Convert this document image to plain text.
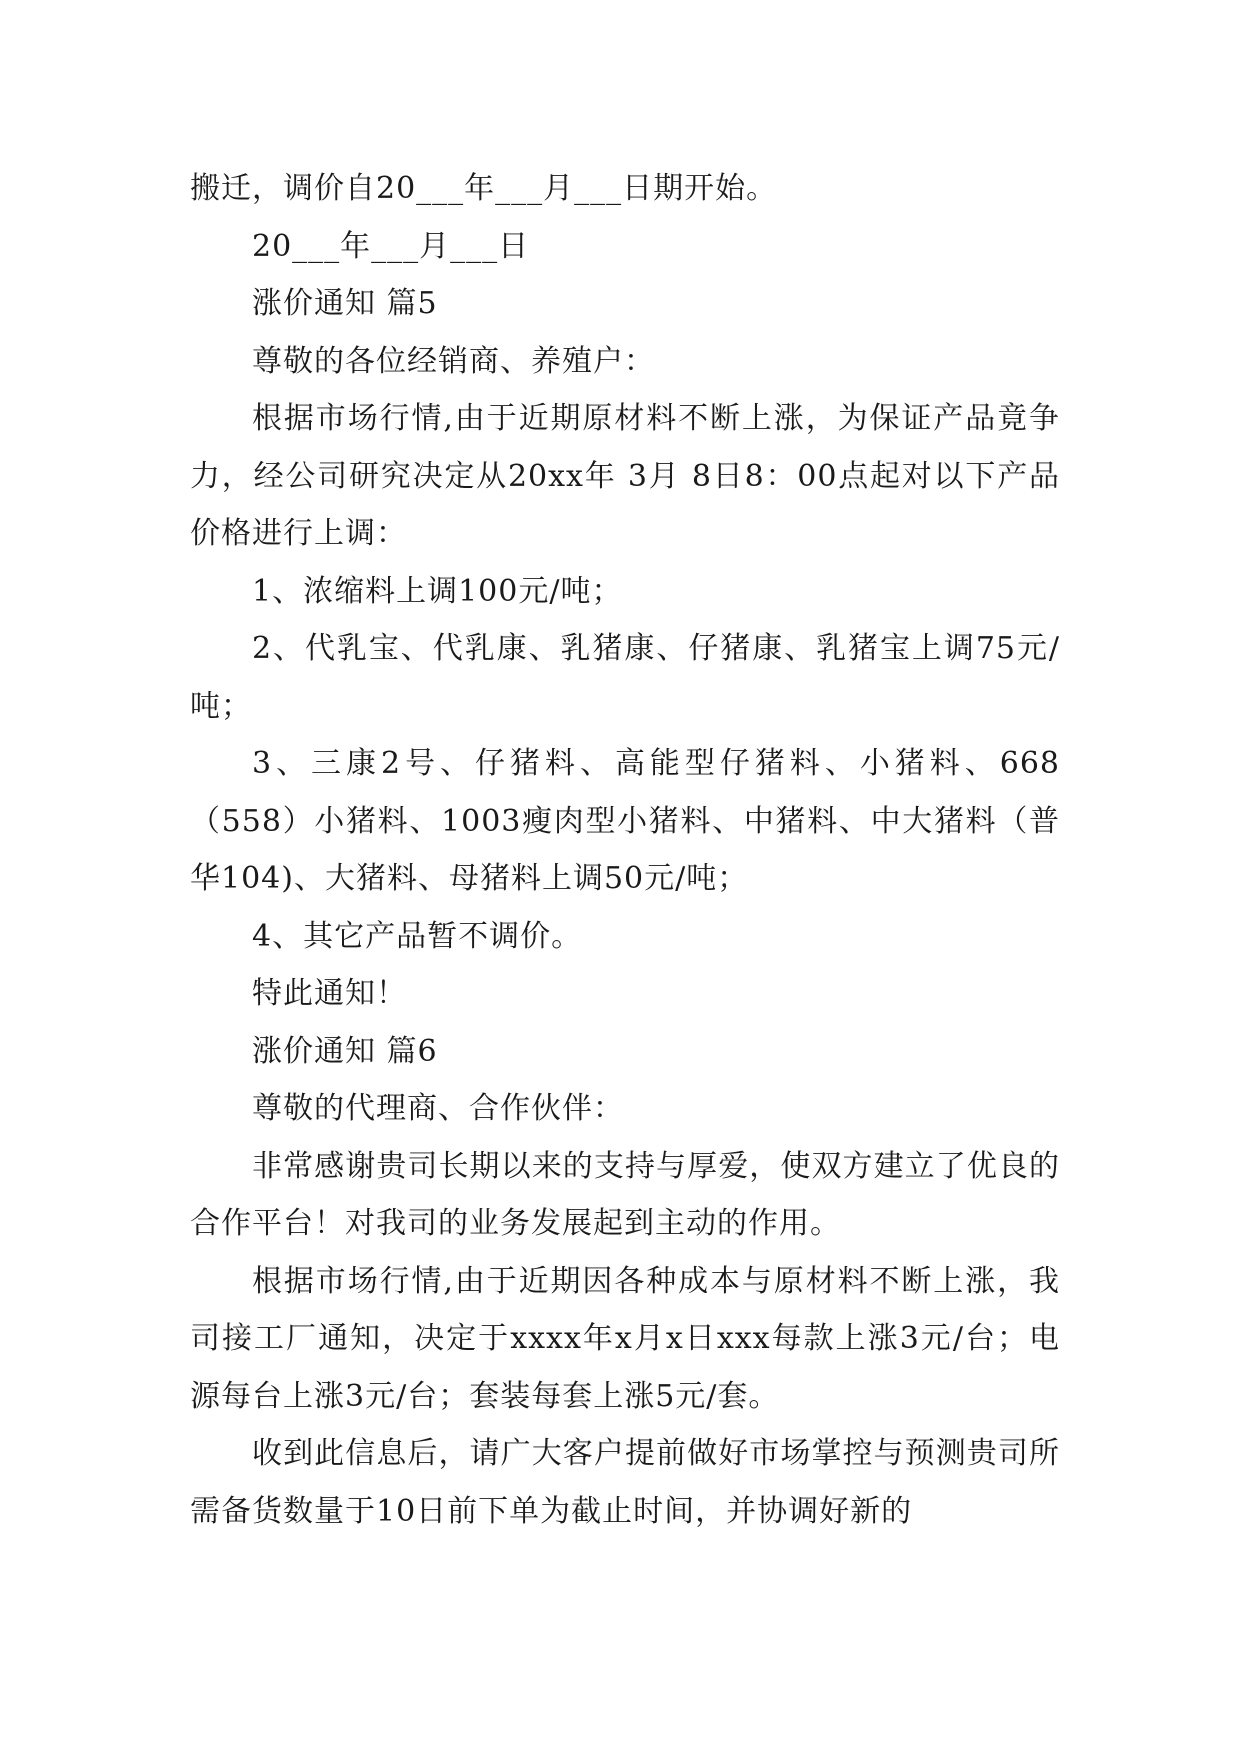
搬迁，调价自20___年___月___日期开始。

20___年___月___日

涨价通知 篇5

尊敬的各位经销商、养殖户：

根据市场行情,由于近期原材料不断上涨，为保证产品竟争力，经公司研究决定从20xx年 3月 8日8：00点起对以下产品价格进行上调：

1、浓缩料上调100元/吨；

2、代乳宝、代乳康、乳猪康、仔猪康、乳猪宝上调75元/吨；

3、三康2号、仔猪料、高能型仔猪料、小猪料、668（558）小猪料、1003瘦肉型小猪料、中猪料、中大猪料（普华104)、大猪料、母猪料上调50元/吨；

4、其它产品暂不调价。

特此通知！

涨价通知 篇6

尊敬的代理商、合作伙伴：

非常感谢贵司长期以来的支持与厚爱，使双方建立了优良的合作平台！对我司的业务发展起到主动的作用。

根据市场行情,由于近期因各种成本与原材料不断上涨，我司接工厂通知，决定于xxxx年x月x日xxx每款上涨3元/台；电源每台上涨3元/台；套装每套上涨5元/套。

收到此信息后，请广大客户提前做好市场掌控与预测贵司所需备货数量于10日前下单为截止时间，并协调好新的
